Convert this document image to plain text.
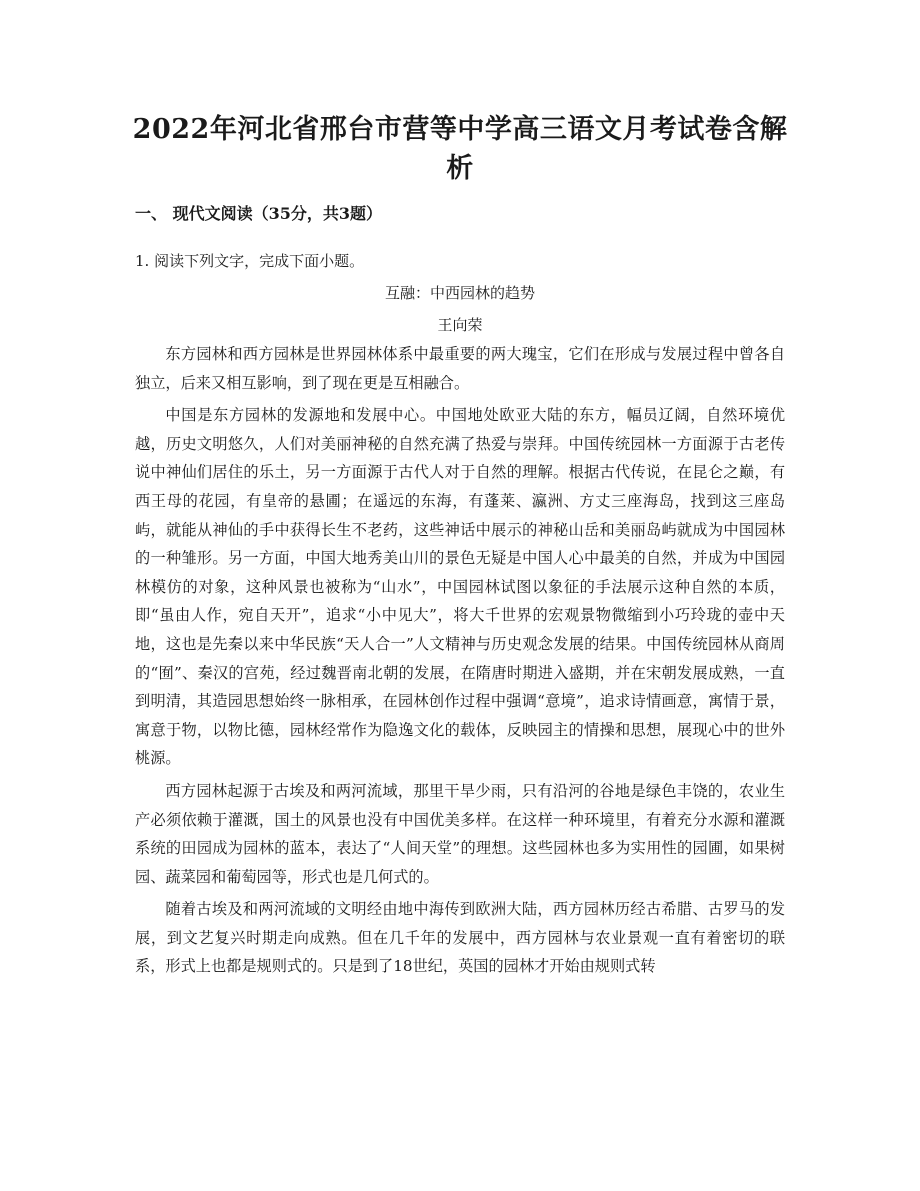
2022年河北省邢台市营等中学高三语文月考试卷含解析
一、 现代文阅读（35分，共3题）
1. 阅读下列文字，完成下面小题。
互融：中西园林的趋势
王向荣

东方园林和西方园林是世界园林体系中最重要的两大瑰宝，它们在形成与发展过程中曾各自独立，后来又相互影响，到了现在更是互相融合。

中国是东方园林的发源地和发展中心。中国地处欧亚大陆的东方，幅员辽阔，自然环境优越，历史文明悠久，人们对美丽神秘的自然充满了热爱与崇拜。中国传统园林一方面源于古老传说中神仙们居住的乐土，另一方面源于古代人对于自然的理解。根据古代传说，在昆仑之巅，有西王母的花园，有皇帝的悬圃；在遥远的东海，有蓬莱、瀛洲、方丈三座海岛，找到这三座岛屿，就能从神仙的手中获得长生不老药，这些神话中展示的神秘山岳和美丽岛屿就成为中国园林的一种雏形。另一方面，中国大地秀美山川的景色无疑是中国人心中最美的自然，并成为中国园林模仿的对象，这种风景也被称为“山水”，中国园林试图以象征的手法展示这种自然的本质，即“虽由人作，宛自天开”，追求“小中见大”，将大千世界的宏观景物微缩到小巧玲珑的壶中天地，这也是先秦以来中华民族“天人合一”人文精神与历史观念发展的结果。中国传统园林从商周的“囿”、秦汉的宫苑，经过魏晋南北朝的发展，在隋唐时期进入盛期，并在宋朝发展成熟，一直到明清，其造园思想始终一脉相承，在园林创作过程中强调“意境”，追求诗情画意，寓情于景，寓意于物，以物比德，园林经常作为隐逸文化的载体，反映园主的情操和思想，展现心中的世外桃源。

西方园林起源于古埃及和两河流域，那里干旱少雨，只有沿河的谷地是绿色丰饶的，农业生产必须依赖于灌溉，国土的风景也没有中国优美多样。在这样一种环境里，有着充分水源和灌溉系统的田园成为园林的蓝本，表达了“人间天堂”的理想。这些园林也多为实用性的园圃，如果树园、蔬菜园和葡萄园等，形式也是几何式的。

随着古埃及和两河流域的文明经由地中海传到欧洲大陆，西方园林历经古希腊、古罗马的发展，到文艺复兴时期走向成熟。但在几千年的发展中，西方园林与农业景观一直有着密切的联系，形式上也都是规则式的。只是到了18世纪，英国的园林才开始由规则式转
